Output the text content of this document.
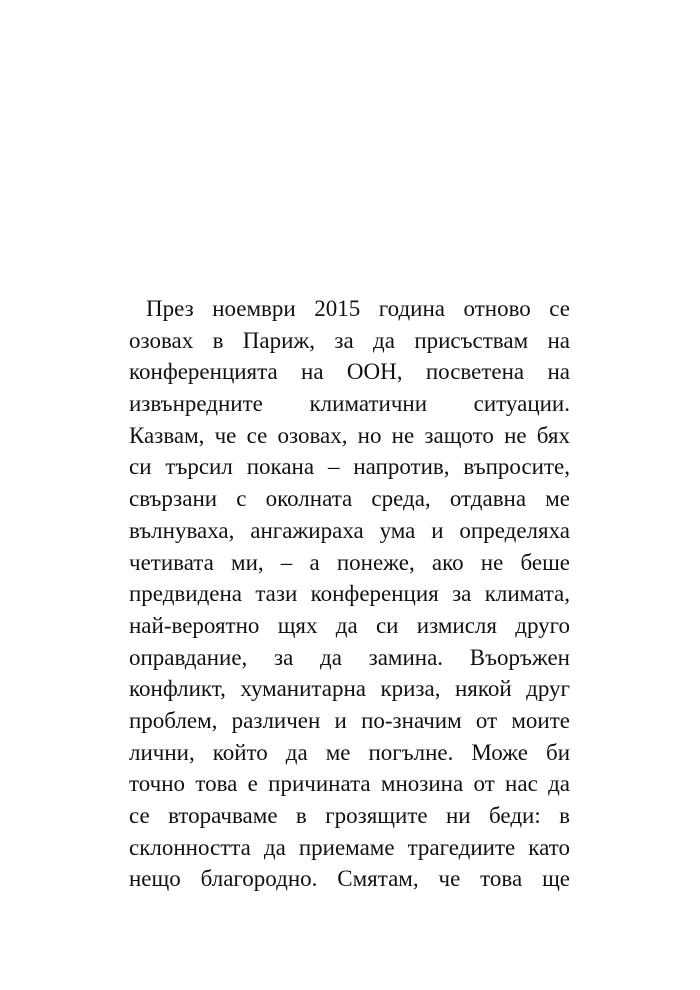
През ноември 2015 година отново се
озовах в Париж, за да присъствам на
конференцията на ООН, посветена на
извънредните климатични ситуации.
Казвам, че се озовах, но не защото не бях
си търсил покана – напротив, въпросите,
свързани с околната среда, отдавна ме
вълнуваха, ангажираха ума и определяха
четивата ми, – а понеже, ако не беше
предвидена тази конференция за климата,
най-вероятно щях да си измисля друго
оправдание, за да замина. Въоръжен
конфликт, хуманитарна криза, някой друг
проблем, различен и по-значим от моите
лични, който да ме погълне. Може би
точно това е причината мнозина от нас да
се вторачваме в грозящите ни беди: в
склонността да приемаме трагедиите като
нещо благородно. Смятам, че това ще
